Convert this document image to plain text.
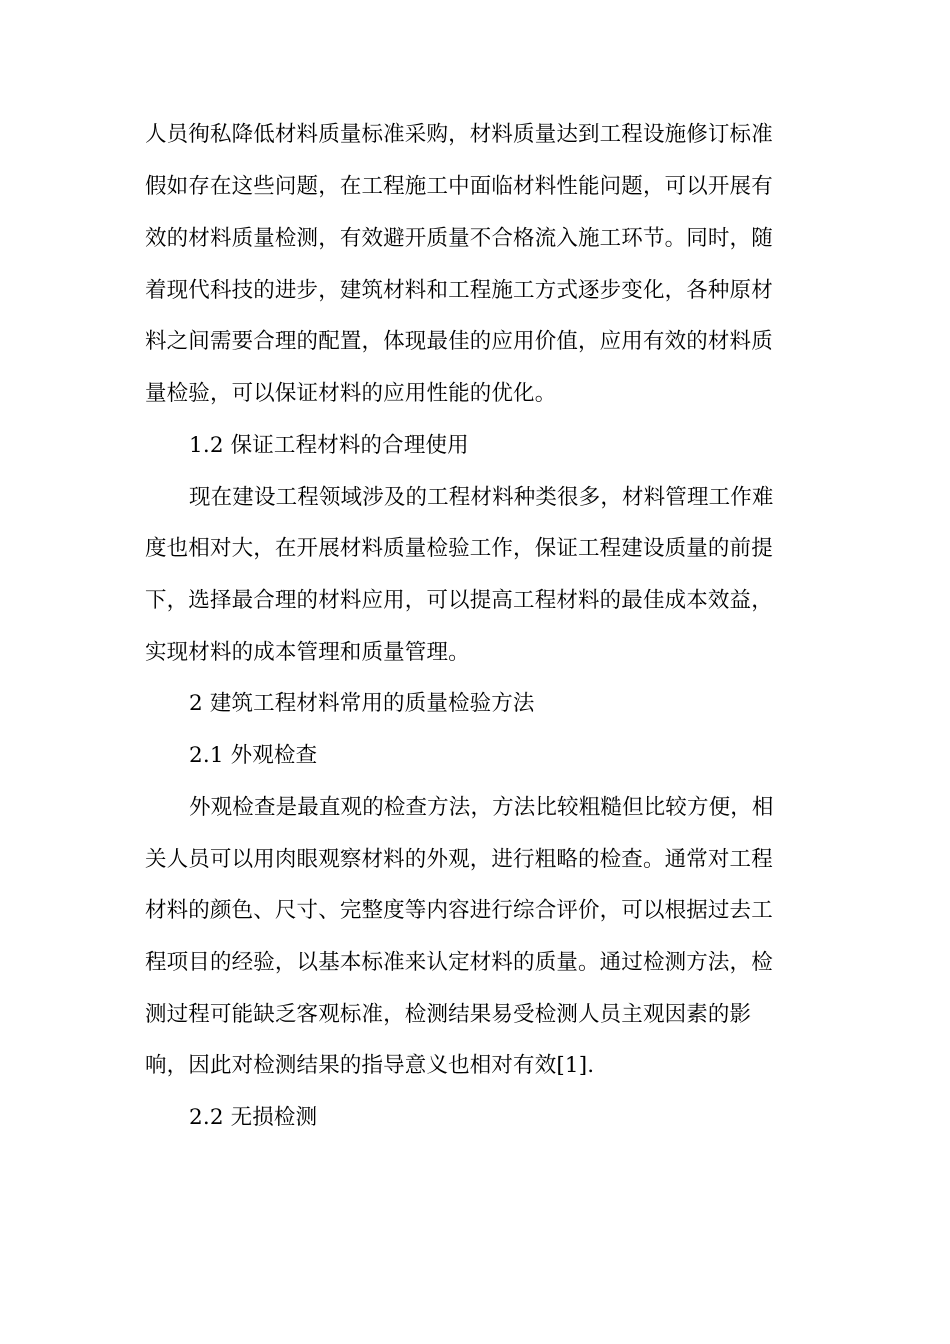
人员徇私降低材料质量标准采购，材料质量达到工程设施修订标准
假如存在这些问题，在工程施工中面临材料性能问题，可以开展有
效的材料质量检测，有效避开质量不合格流入施工环节。同时，随
着现代科技的进步，建筑材料和工程施工方式逐步变化，各种原材
料之间需要合理的配置，体现最佳的应用价值，应用有效的材料质
量检验，可以保证材料的应用性能的优化。
1.2 保证工程材料的合理使用
现在建设工程领域涉及的工程材料种类很多，材料管理工作难
度也相对大，在开展材料质量检验工作，保证工程建设质量的前提
下，选择最合理的材料应用，可以提高工程材料的最佳成本效益，
实现材料的成本管理和质量管理。
2 建筑工程材料常用的质量检验方法
2.1 外观检查
外观检查是最直观的检查方法，方法比较粗糙但比较方便，相
关人员可以用肉眼观察材料的外观，进行粗略的检查。通常对工程
材料的颜色、尺寸、完整度等内容进行综合评价，可以根据过去工
程项目的经验，以基本标准来认定材料的质量。通过检测方法，检
测过程可能缺乏客观标准，检测结果易受检测人员主观因素的影
响，因此对检测结果的指导意义也相对有效[1].
2.2 无损检测
